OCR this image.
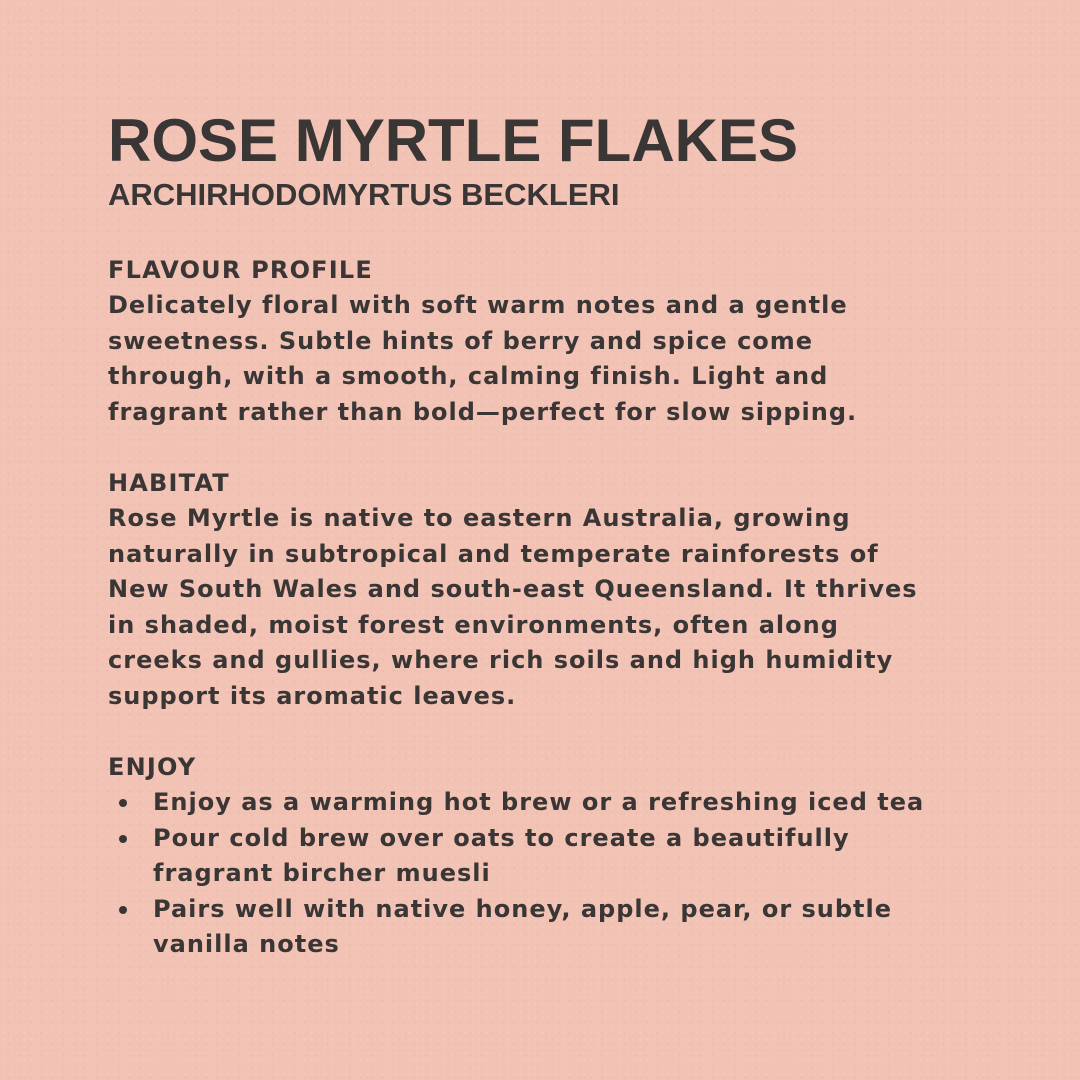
ROSE MYRTLE FLAKES
ARCHIRHODOMYRTUS BECKLERI

FLAVOUR PROFILE

Delicately floral with soft warm notes and a gentle
sweetness. Subtle hints of berry and spice come
through, with a smooth, calming finish. Light and
fragrant rather than bold—perfect for slow sipping.

HABITAT

Rose Myrtle is native to eastern Australia, growing
naturally in subtropical and temperate rainforests of
New South Wales and south-east Queensland. It thrives
in shaded, moist forest environments, often along
creeks and gullies, where rich soils and high humidity
support its aromatic leaves.

ENJOY

Enjoy as a warming hot brew or a refreshing iced tea
Pour cold brew over oats to create a beautifully
fragrant bircher muesli
Pairs well with native honey, apple, pear, or subtle
vanilla notes
